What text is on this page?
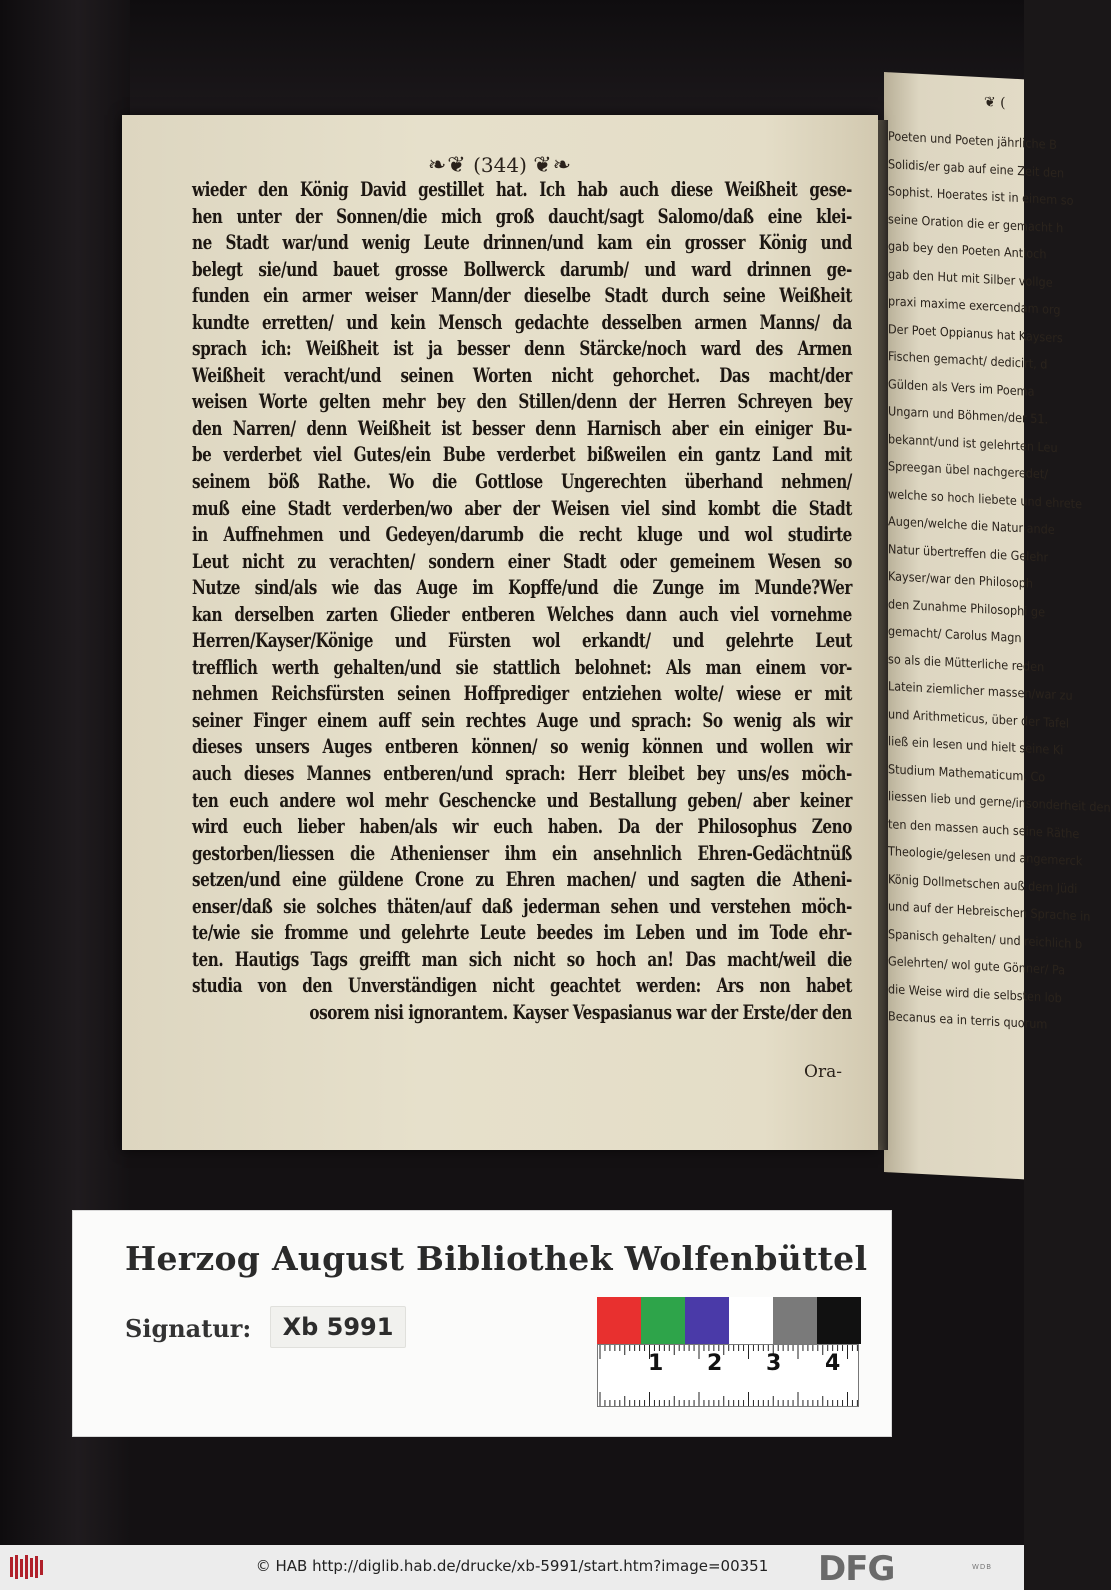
❦ (
Poeten und Poeten jährliche B
Solidis/er gab auf eine Zeit den
Sophist. Hoerates ist in einem so
seine Oration die er gemacht h
gab bey den Poeten Antioch
gab den Hut mit Silber vollge
praxi maxime exercendam org
Der Poet Oppianus hat Kaysers
Fischen gemacht/ dedicirt, d
Gülden als Vers im Poema
Ungarn und Böhmen/der 51.
bekannt/und ist gelehrten Leu
Spreegan übel nachgeredet/
welche so hoch liebete und ehrete
Augen/welche die Natur ande
Natur übertreffen die Gelehr
Kayser/war den Philosoph
den Zunahme Philosophi ge
gemacht/ Carolus Magn
so als die Mütterliche reden
Latein ziemlicher massen/war zu
und Arithmeticus, über der Tafel
ließ ein lesen und hielt seine Ki
Studium Mathematicum, Co
liessen lieb und gerne/insonderheit den
ten den massen auch seine Räthe
Theologie/gelesen und angemerck
König Dollmetschen auß dem Jüdi
und auf der Hebreischen Sprache in
Spanisch gehalten/ und reichlich b
Gelehrten/ wol gute Gönner/ Pa
die Weise wird die selbsten lob
Becanus ea in terris quorum
❧❦ (344) ❦❧
wieder den König David gestillet hat. Ich hab auch diese Weißheit gese-
hen unter der Sonnen/die mich groß daucht/sagt Salomo/daß eine klei-
ne Stadt war/und wenig Leute drinnen/und kam ein grosser König und
belegt sie/und bauet grosse Bollwerck darumb/ und ward drinnen ge-
funden ein armer weiser Mann/der dieselbe Stadt durch seine Weißheit
kundte erretten/ und kein Mensch gedachte desselben armen Manns/ da
sprach ich: Weißheit ist ja besser denn Stärcke/noch ward des Armen
Weißheit veracht/und seinen Worten nicht gehorchet. Das macht/der
weisen Worte gelten mehr bey den Stillen/denn der Herren Schreyen bey
den Narren/ denn Weißheit ist besser denn Harnisch aber ein einiger Bu-
be verderbet viel Gutes/ein Bube verderbet bißweilen ein gantz Land mit
seinem böß Rathe. Wo die Gottlose Ungerechten überhand nehmen/
muß eine Stadt verderben/wo aber der Weisen viel sind kombt die Stadt
in Auffnehmen und Gedeyen/darumb die recht kluge und wol studirte
Leut nicht zu verachten/ sondern einer Stadt oder gemeinem Wesen so
Nutze sind/als wie das Auge im Kopffe/und die Zunge im Munde?Wer
kan derselben zarten Glieder entberen Welches dann auch viel vornehme
Herren/Kayser/Könige und Fürsten wol erkandt/ und gelehrte Leut
trefflich werth gehalten/und sie stattlich belohnet: Als man einem vor-
nehmen Reichsfürsten seinen Hoffprediger entziehen wolte/ wiese er mit
seiner Finger einem auff sein rechtes Auge und sprach: So wenig als wir
dieses unsers Auges entberen können/ so wenig können und wollen wir
auch dieses Mannes entberen/und sprach: Herr bleibet bey uns/es möch-
ten euch andere wol mehr Geschencke und Bestallung geben/ aber keiner
wird euch lieber haben/als wir euch haben. Da der Philosophus Zeno
gestorben/liessen die Athenienser ihm ein ansehnlich Ehren-Gedächtnüß
setzen/und eine güldene Crone zu Ehren machen/ und sagten die Atheni-
enser/daß sie solches thäten/auf daß jederman sehen und verstehen möch-
te/wie sie fromme und gelehrte Leute beedes im Leben und im Tode ehr-
ten. Hautigs Tags greifft man sich nicht so hoch an! Das macht/weil die
studia von den Unverständigen nicht geachtet werden: Ars non habet
osorem nisi ignorantem. Kayser Vespasianus war der Erste/der den
Ora-
Herzog August Bibliothek Wolfenbüttel
Signatur:	Xb 5991
1 2 3 4
© HAB http://diglib.hab.de/drucke/xb-5991/start.htm?image=00351	DFG	WDB
